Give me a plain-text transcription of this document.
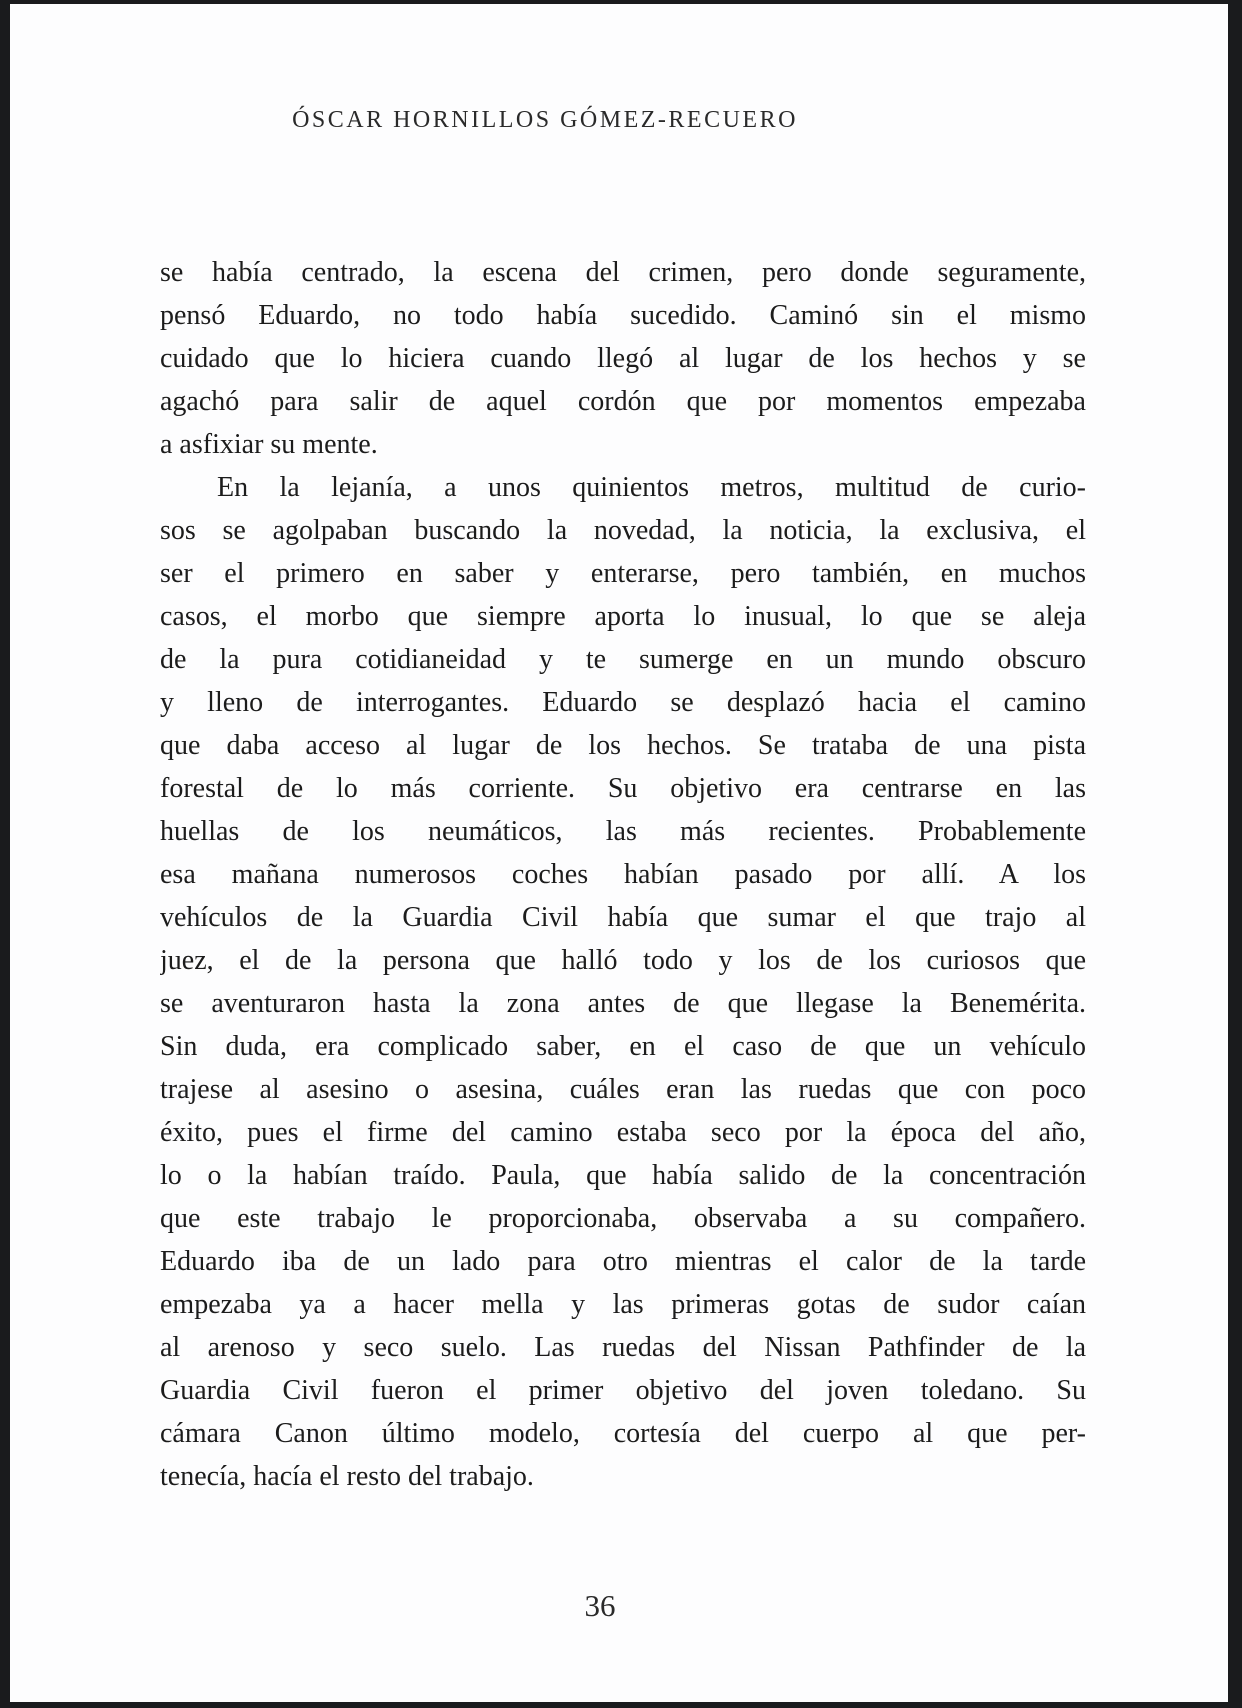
ÓSCAR HORNILLOS GÓMEZ-RECUERO
se había centrado, la escena del crimen, pero donde seguramente,
pensó Eduardo, no todo había sucedido. Caminó sin el mismo
cuidado que lo hiciera cuando llegó al lugar de los hechos y se
agachó para salir de aquel cordón que por momentos empezaba
a asfixiar su mente.
En la lejanía, a unos quinientos metros, multitud de curio-
sos se agolpaban buscando la novedad, la noticia, la exclusiva, el
ser el primero en saber y enterarse, pero también, en muchos
casos, el morbo que siempre aporta lo inusual, lo que se aleja
de la pura cotidianeidad y te sumerge en un mundo obscuro
y lleno de interrogantes. Eduardo se desplazó hacia el camino
que daba acceso al lugar de los hechos. Se trataba de una pista
forestal de lo más corriente. Su objetivo era centrarse en las
huellas de los neumáticos, las más recientes. Probablemente
esa mañana numerosos coches habían pasado por allí. A los
vehículos de la Guardia Civil había que sumar el que trajo al
juez, el de la persona que halló todo y los de los curiosos que
se aventuraron hasta la zona antes de que llegase la Benemérita.
Sin duda, era complicado saber, en el caso de que un vehículo
trajese al asesino o asesina, cuáles eran las ruedas que con poco
éxito, pues el firme del camino estaba seco por la época del año,
lo o la habían traído. Paula, que había salido de la concentración
que este trabajo le proporcionaba, observaba a su compañero.
Eduardo iba de un lado para otro mientras el calor de la tarde
empezaba ya a hacer mella y las primeras gotas de sudor caían
al arenoso y seco suelo. Las ruedas del Nissan Pathfinder de la
Guardia Civil fueron el primer objetivo del joven toledano. Su
cámara Canon último modelo, cortesía del cuerpo al que per-
tenecía, hacía el resto del trabajo.
36
